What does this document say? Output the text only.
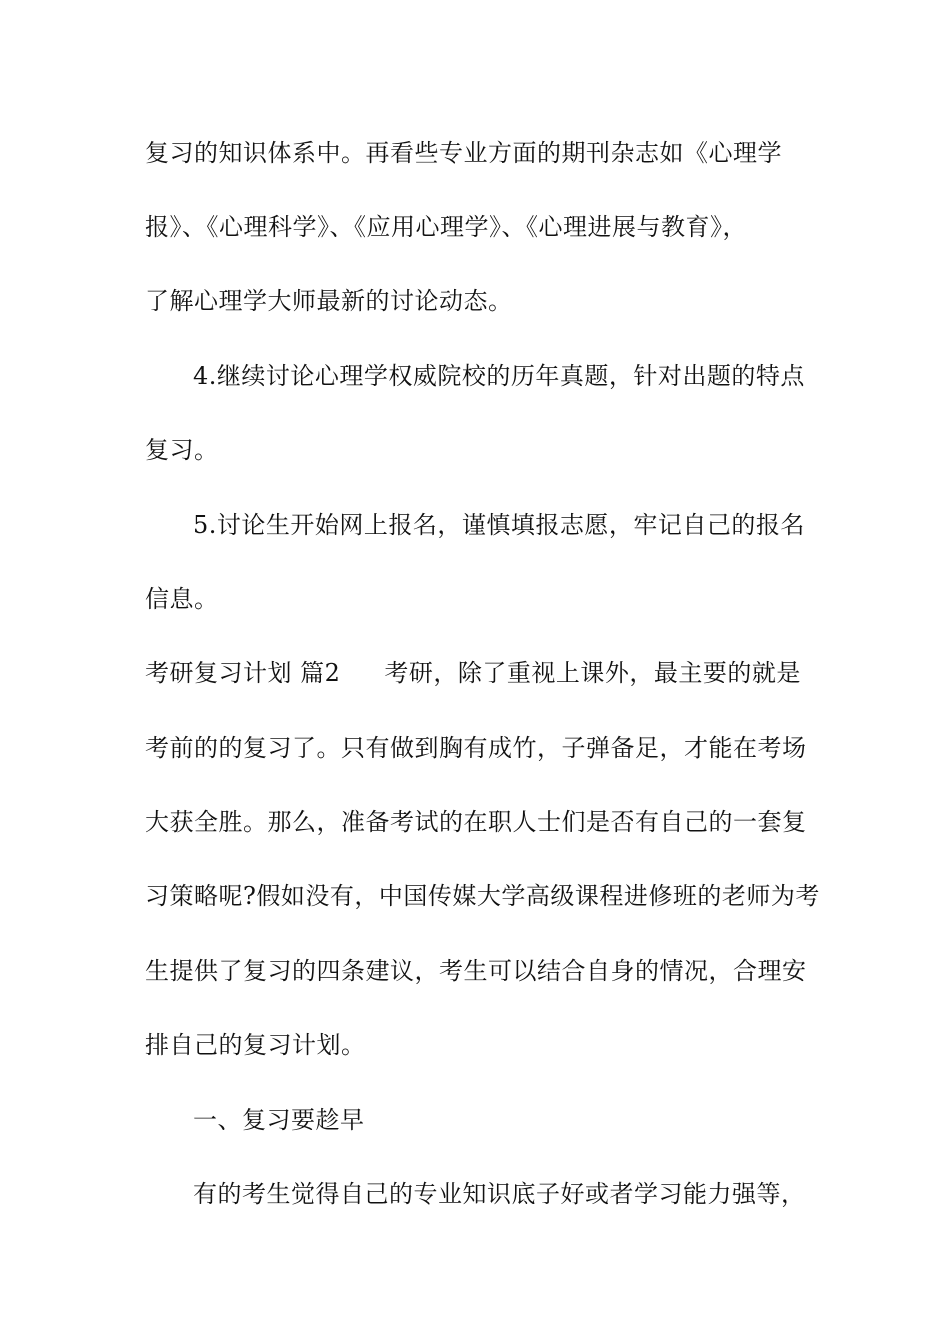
复习的知识体系中。再看些专业方面的期刊杂志如《心理学
报》、《心理科学》、《应用心理学》、《心理进展与教育》，
了解心理学大师最新的讨论动态。
4.继续讨论心理学权威院校的历年真题，针对出题的特点
复习。
5.讨论生开始网上报名，谨慎填报志愿，牢记自己的报名
信息。
考研复习计划 篇2 考研，除了重视上课外，最主要的就是
考前的的复习了。只有做到胸有成竹，子弹备足，才能在考场
大获全胜。那么，准备考试的在职人士们是否有自己的一套复
习策略呢?假如没有，中国传媒大学高级课程进修班的老师为考
生提供了复习的四条建议，考生可以结合自身的情况，合理安
排自己的复习计划。
一、复习要趁早
有的考生觉得自己的专业知识底子好或者学习能力强等，
